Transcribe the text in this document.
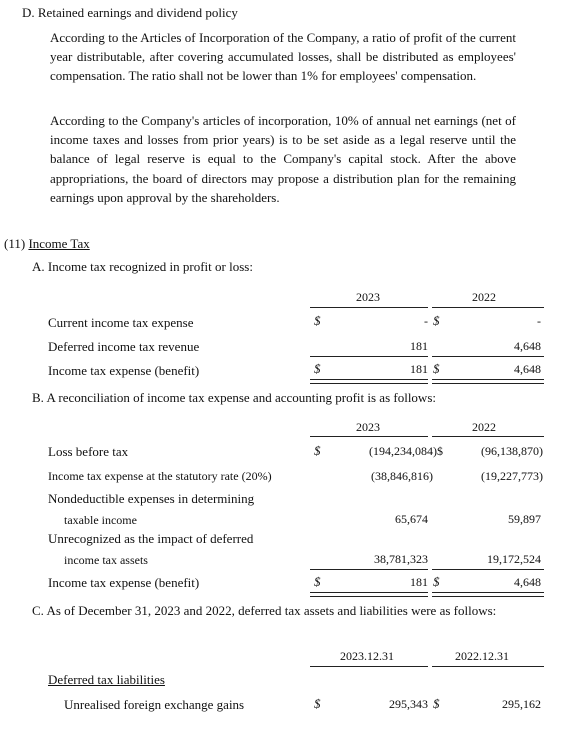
D. Retained earnings and dividend policy
According to the Articles of Incorporation of the Company, a ratio of profit of the current year distributable, after covering accumulated losses, shall be distributed as employees' compensation. The ratio shall not be lower than 1% for employees' compensation.
According to the Company's articles of incorporation, 10% of annual net earnings (net of income taxes and losses from prior years) is to be set aside as a legal reserve until the balance of legal reserve is equal to the Company's capital stock. After the above appropriations, the board of directors may propose a distribution plan for the remaining earnings upon approval by the shareholders.
(11) Income Tax
A. Income tax recognized in profit or loss:
2023	2022
Current income tax expense	$	- $	-
Deferred income tax revenue	181	4,648
Income tax expense (benefit)	$	181 $	4,648
B. A reconciliation of income tax expense and accounting profit is as follows:
2023	2022
Loss before tax	$	(194,234,084)$	(96,138,870)
Income tax expense at the statutory rate (20%)	(38,846,816)	(19,227,773)
Nondeductible expenses in determining
taxable income	65,674	59,897
Unrecognized as the impact of deferred
income tax assets	38,781,323	19,172,524
Income tax expense (benefit)	$	181 $	4,648
C. As of December 31, 2023 and 2022, deferred tax assets and liabilities were as follows:
2023.12.31	2022.12.31
Deferred tax liabilities
Unrealised foreign exchange gains	$	295,343 $	295,162
